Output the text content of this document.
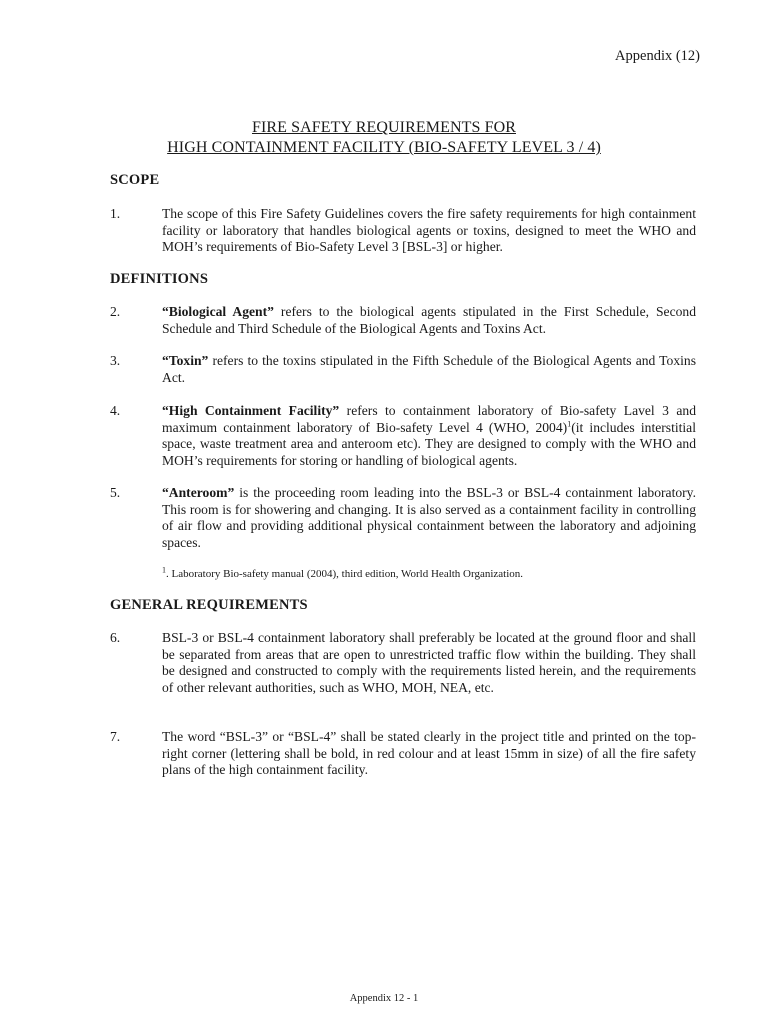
Appendix (12)
FIRE SAFETY REQUIREMENTS FOR
HIGH CONTAINMENT FACILITY (BIO-SAFETY LEVEL 3 / 4)
SCOPE
1.	The scope of this Fire Safety Guidelines covers the fire safety requirements for high containment facility or laboratory that handles biological agents or toxins, designed to meet the WHO and MOH’s requirements of Bio-Safety Level 3 [BSL-3] or higher.
DEFINITIONS
2.	“Biological Agent” refers to the biological agents stipulated in the First Schedule, Second Schedule and Third Schedule of the Biological Agents and Toxins Act.
3.	“Toxin” refers to the toxins stipulated in the Fifth Schedule of the Biological Agents and Toxins Act.
4.	“High Containment Facility” refers to containment laboratory of Bio-safety Lavel 3 and maximum containment laboratory of Bio-safety Level 4 (WHO, 2004)$^1$(it includes interstitial space, waste treatment area and anteroom etc). They are designed to comply with the WHO and MOH’s requirements for storing or handling of biological agents.
5.	“Anteroom” is the proceeding room leading into the BSL-3 or BSL-4 containment laboratory. This room is for showering and changing. It is also served as a containment facility in controlling of air flow and providing additional physical containment between the laboratory and adjoining spaces.
$^1$. Laboratory Bio-safety manual (2004), third edition, World Health Organization.
GENERAL REQUIREMENTS
6.	BSL-3 or BSL-4 containment laboratory shall preferably be located at the ground floor and shall be separated from areas that are open to unrestricted traffic flow within the building. They shall be designed and constructed to comply with the requirements listed herein, and the requirements of other relevant authorities, such as WHO, MOH, NEA, etc.
7.	The word “BSL-3” or “BSL-4” shall be stated clearly in the project title and printed on the top-right corner (lettering shall be bold, in red colour and at least 15mm in size) of all the fire safety plans of the high containment facility.
Appendix 12 - 1
